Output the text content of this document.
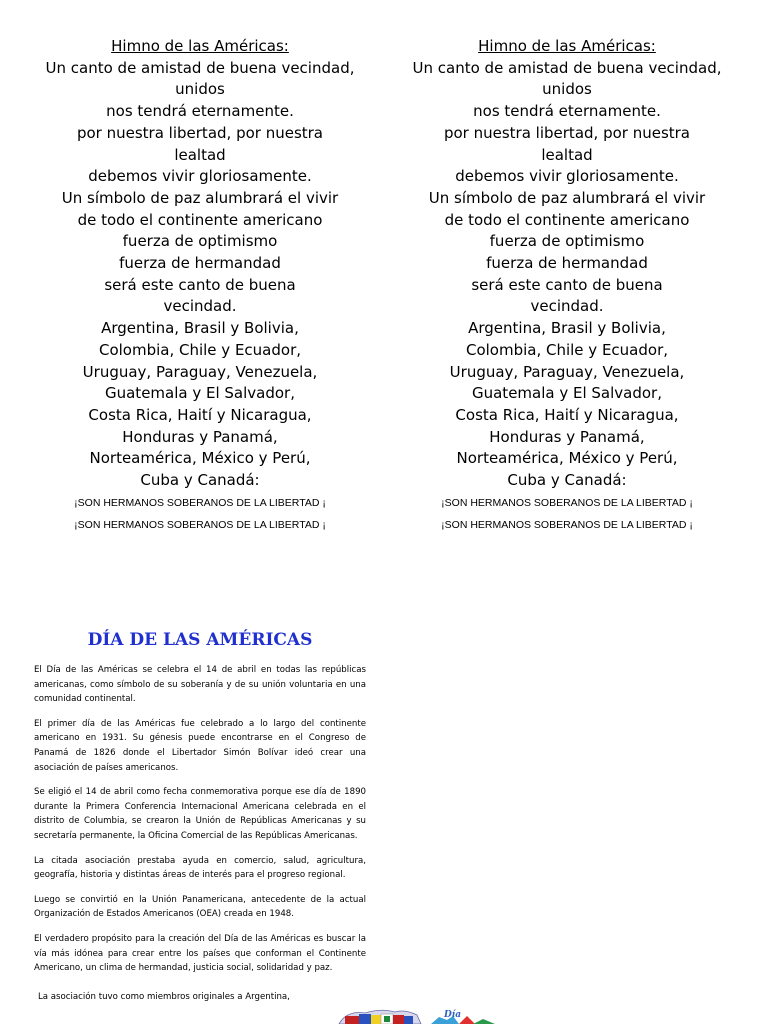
Himno de las Américas:
Un canto de amistad de buena vecindad,
unidos
nos tendrá eternamente.
por nuestra libertad, por nuestra
lealtad
debemos vivir gloriosamente.
Un símbolo de paz alumbrará el vivir
de todo el continente americano
fuerza de optimismo
fuerza de hermandad
será este canto de buena
vecindad.
Argentina, Brasil y Bolivia,
Colombia, Chile y Ecuador,
Uruguay, Paraguay, Venezuela,
Guatemala y El Salvador,
Costa Rica, Haití y Nicaragua,
Honduras y Panamá,
Norteamérica, México y Perú,
Cuba y Canadá:
¡SON HERMANOS SOBERANOS DE LA LIBERTAD ¡
¡SON HERMANOS SOBERANOS DE LA LIBERTAD ¡
Himno de las Américas:
Un canto de amistad de buena vecindad,
unidos
nos tendrá eternamente.
por nuestra libertad, por nuestra
lealtad
debemos vivir gloriosamente.
Un símbolo de paz alumbrará el vivir
de todo el continente americano
fuerza de optimismo
fuerza de hermandad
será este canto de buena
vecindad.
Argentina, Brasil y Bolivia,
Colombia, Chile y Ecuador,
Uruguay, Paraguay, Venezuela,
Guatemala y El Salvador,
Costa Rica, Haití y Nicaragua,
Honduras y Panamá,
Norteamérica, México y Perú,
Cuba y Canadá:
¡SON HERMANOS SOBERANOS DE LA LIBERTAD ¡
¡SON HERMANOS SOBERANOS DE LA LIBERTAD ¡
DÍA DE LAS AMÉRICAS

El Día de las Américas se celebra el 14 de abril en todas las repúblicas americanas, como símbolo de su soberanía y de su unión voluntaria en una comunidad continental.

El primer día de las Américas fue celebrado a lo largo del continente americano en 1931. Su génesis puede encontrarse en el Congreso de Panamá de 1826 donde el Libertador Simón Bolívar ideó crear una asociación de países americanos.

Se eligió el 14 de abril como fecha conmemorativa porque ese día de 1890 durante la Primera Conferencia Internacional Americana celebrada en el distrito de Columbia, se crearon la Unión de Repúblicas Americanas y su secretaría permanente, la Oficina Comercial de las Repúblicas Americanas.

La citada asociación prestaba ayuda en comercio, salud, agricultura, geografía, historia y distintas áreas de interés para el progreso regional.

Luego se convirtió en la Unión Panamericana, antecedente de la actual Organización de Estados Americanos (OEA) creada en 1948.

El verdadero propósito para la creación del Día de las Américas es buscar la vía más idónea para crear entre los países que conforman el Continente Americano, un clima de hermandad, justicia social, solidaridad y paz.

La asociación tuvo como miembros originales a Argentina,

Día
